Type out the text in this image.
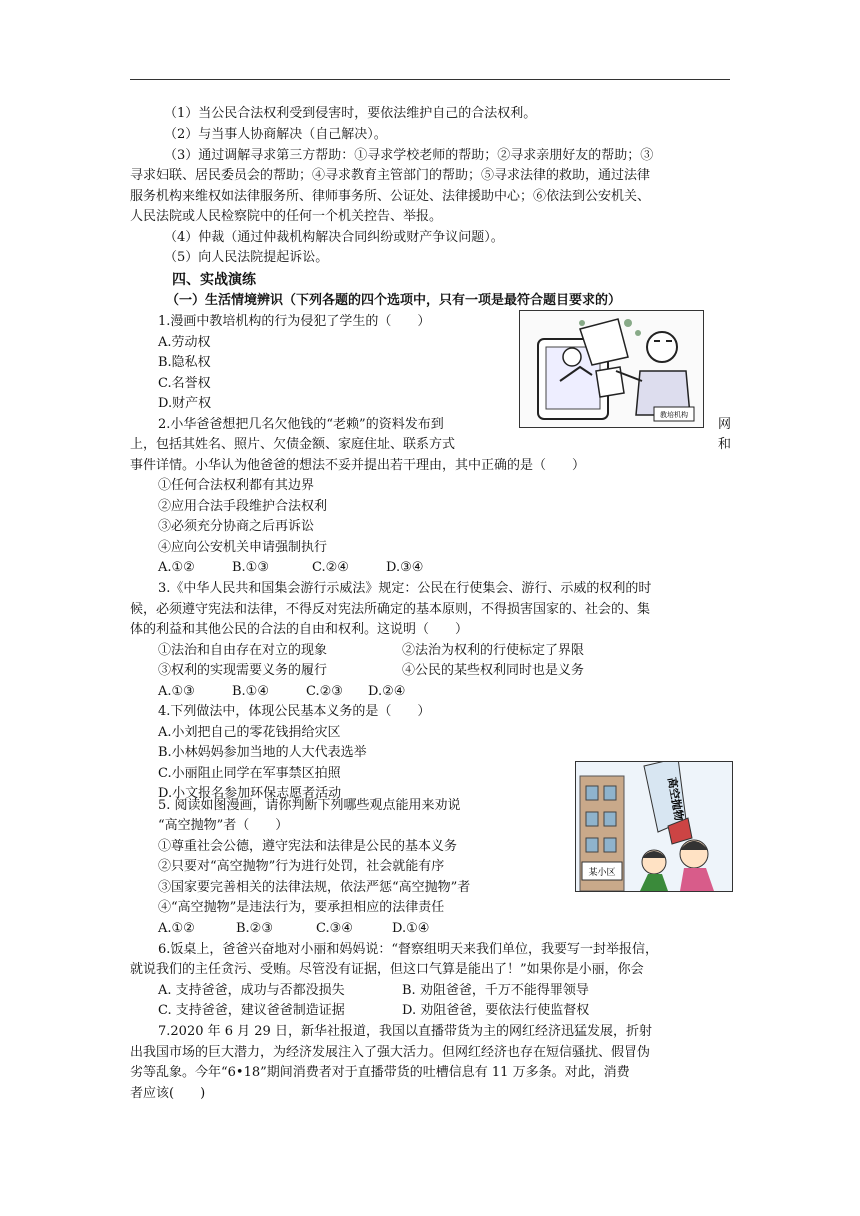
（1）当公民合法权利受到侵害时，要依法维护自己的合法权利。
（2）与当事人协商解决（自己解决）。
（3）通过调解寻求第三方帮助：①寻求学校老师的帮助；②寻求亲朋好友的帮助；③
寻求妇联、居民委员会的帮助；④寻求教育主管部门的帮助；⑤寻求法律的救助，通过法律
服务机构来维权如法律服务所、律师事务所、公证处、法律援助中心；⑥依法到公安机关、
人民法院或人民检察院中的任何一个机关控告、举报。
（4）仲裁（通过仲裁机构解决合同纠纷或财产争议问题）。
（5）向人民法院提起诉讼。
四、实战演练
（一）生活情境辨识（下列各题的四个选项中，只有一项是最符合题目要求的）
1.漫画中教培机构的行为侵犯了学生的（　　）
A.劳动权
B.隐私权
C.名誉权
D.财产权
教培机构
2.小华爸爸想把几名欠他钱的“老赖”的资料发布到	网
上，包括其姓名、照片、欠债金额、家庭住址、联系方式	和
事件详情。小华认为他爸爸的想法不妥并提出若干理由，其中正确的是（　　）
①任何合法权利都有其边界
②应用合法手段维护合法权利
③必须充分协商之后再诉讼
④应向公安机关申请强制执行
A.①②	B.①③	C.②④	D.③④
3.《中华人民共和国集会游行示威法》规定：公民在行使集会、游行、示威的权利的时
候，必须遵守宪法和法律，不得反对宪法所确定的基本原则，不得损害国家的、社会的、集
体的利益和其他公民的合法的自由和权利。这说明（　　）
①法治和自由存在对立的现象	②法治为权利的行使标定了界限
③权利的实现需要义务的履行	④公民的某些权利同时也是义务
A.①③	B.①④	C.②③ D.②④
4.下列做法中，体现公民基本义务的是（　　）
A.小刘把自己的零花钱捐给灾区
B.小林妈妈参加当地的人大代表选举
C.小丽阻止同学在军事禁区拍照
D.小文报名参加环保志愿者活动
某小区
高空抛物
5. 阅读如图漫画，请你判断下列哪些观点能用来劝说
“高空抛物”者（　　）
①尊重社会公德，遵守宪法和法律是公民的基本义务
②只要对“高空抛物”行为进行处罚，社会就能有序
③国家要完善相关的法律法规，依法严惩“高空抛物”者
④“高空抛物”是违法行为，要承担相应的法律责任
A.①②	B.②③	C.③④	D.①④
6.饭桌上，爸爸兴奋地对小丽和妈妈说：“督察组明天来我们单位，我要写一封举报信，
就说我们的主任贪污、受贿。尽管没有证据，但这口气算是能出了！”如果你是小丽，你会
A. 支持爸爸，成功与否都没损失	B. 劝阻爸爸，千万不能得罪领导
C. 支持爸爸，建议爸爸制造证据	D. 劝阻爸爸，要依法行使监督权
7.2020 年 6 月 29 日，新华社报道，我国以直播带货为主的网红经济迅猛发展，折射
出我国市场的巨大潜力，为经济发展注入了强大活力。但网红经济也存在短信骚扰、假冒伪
劣等乱象。今年“6•18”期间消费者对于直播带货的吐槽信息有 11 万多条。对此，消费
者应该(　　)
